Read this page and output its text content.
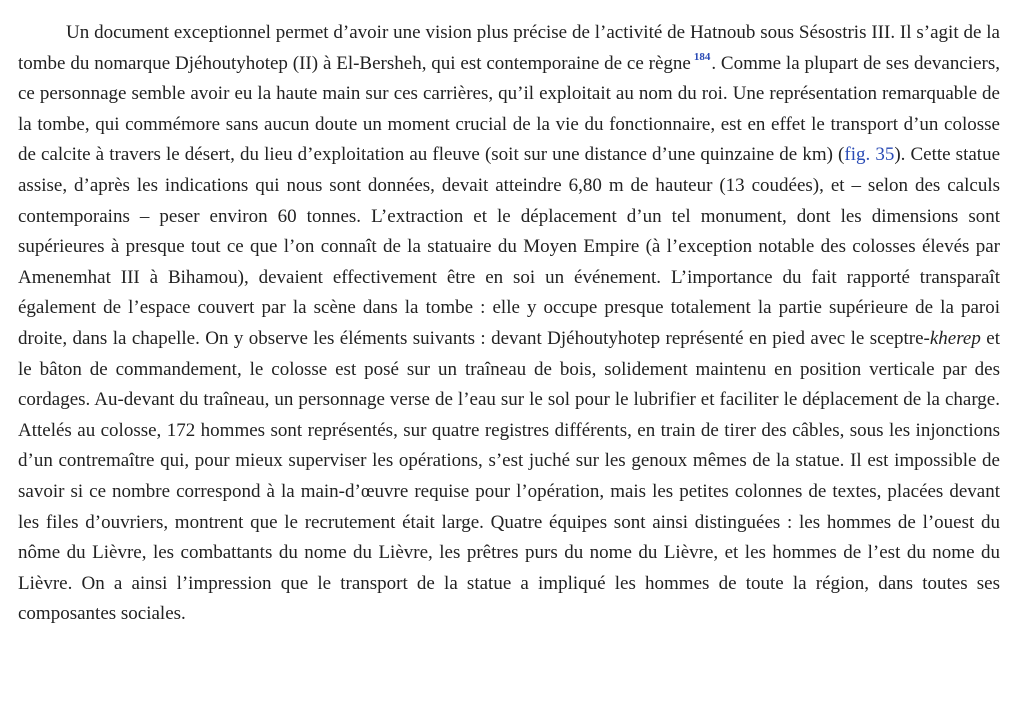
Un document exceptionnel permet d’avoir une vision plus précise de l’activité de Hatnoub sous Sésostris III. Il s’agit de la tombe du nomarque Djéhoutyhotep (II) à El-Bersheh, qui est contemporaine de ce règne $^{184}$. Comme la plupart de ses devanciers, ce personnage semble avoir eu la haute main sur ces carrières, qu’il exploitait au nom du roi. Une représentation remarquable de la tombe, qui commémore sans aucun doute un moment crucial de la vie du fonctionnaire, est en effet le transport d’un colosse de calcite à travers le désert, du lieu d’exploitation au fleuve (soit sur une distance d’une quinzaine de km) (fig. 35). Cette statue assise, d’après les indications qui nous sont données, devait atteindre 6,80 m de hauteur (13 coudées), et – selon des calculs contemporains – peser environ 60 tonnes. L’extraction et le déplacement d’un tel monument, dont les dimensions sont supérieures à presque tout ce que l’on connaît de la statuaire du Moyen Empire (à l’exception notable des colosses élevés par Amenemhat III à Bihamou), devaient effectivement être en soi un événement. L’importance du fait rapporté transparaît également de l’espace couvert par la scène dans la tombe : elle y occupe presque totalement la partie supérieure de la paroi droite, dans la chapelle. On y observe les éléments suivants : devant Djéhoutyhotep représenté en pied avec le sceptre-kherep et le bâton de commandement, le colosse est posé sur un traîneau de bois, solidement maintenu en position verticale par des cordages. Au-devant du traîneau, un personnage verse de l’eau sur le sol pour le lubrifier et faciliter le déplacement de la charge. Attelés au colosse, 172 hommes sont représentés, sur quatre registres différents, en train de tirer des câbles, sous les injonctions d’un contremaître qui, pour mieux superviser les opérations, s’est juché sur les genoux mêmes de la statue. Il est impossible de savoir si ce nombre correspond à la main-d’œuvre requise pour l’opération, mais les petites colonnes de textes, placées devant les files d’ouvriers, montrent que le recrutement était large. Quatre équipes sont ainsi distinguées : les hommes de l’ouest du nôme du Lièvre, les combattants du nome du Lièvre, les prêtres purs du nome du Lièvre, et les hommes de l’est du nome du Lièvre. On a ainsi l’impression que le transport de la statue a impliqué les hommes de toute la région, dans toutes ses composantes sociales.
